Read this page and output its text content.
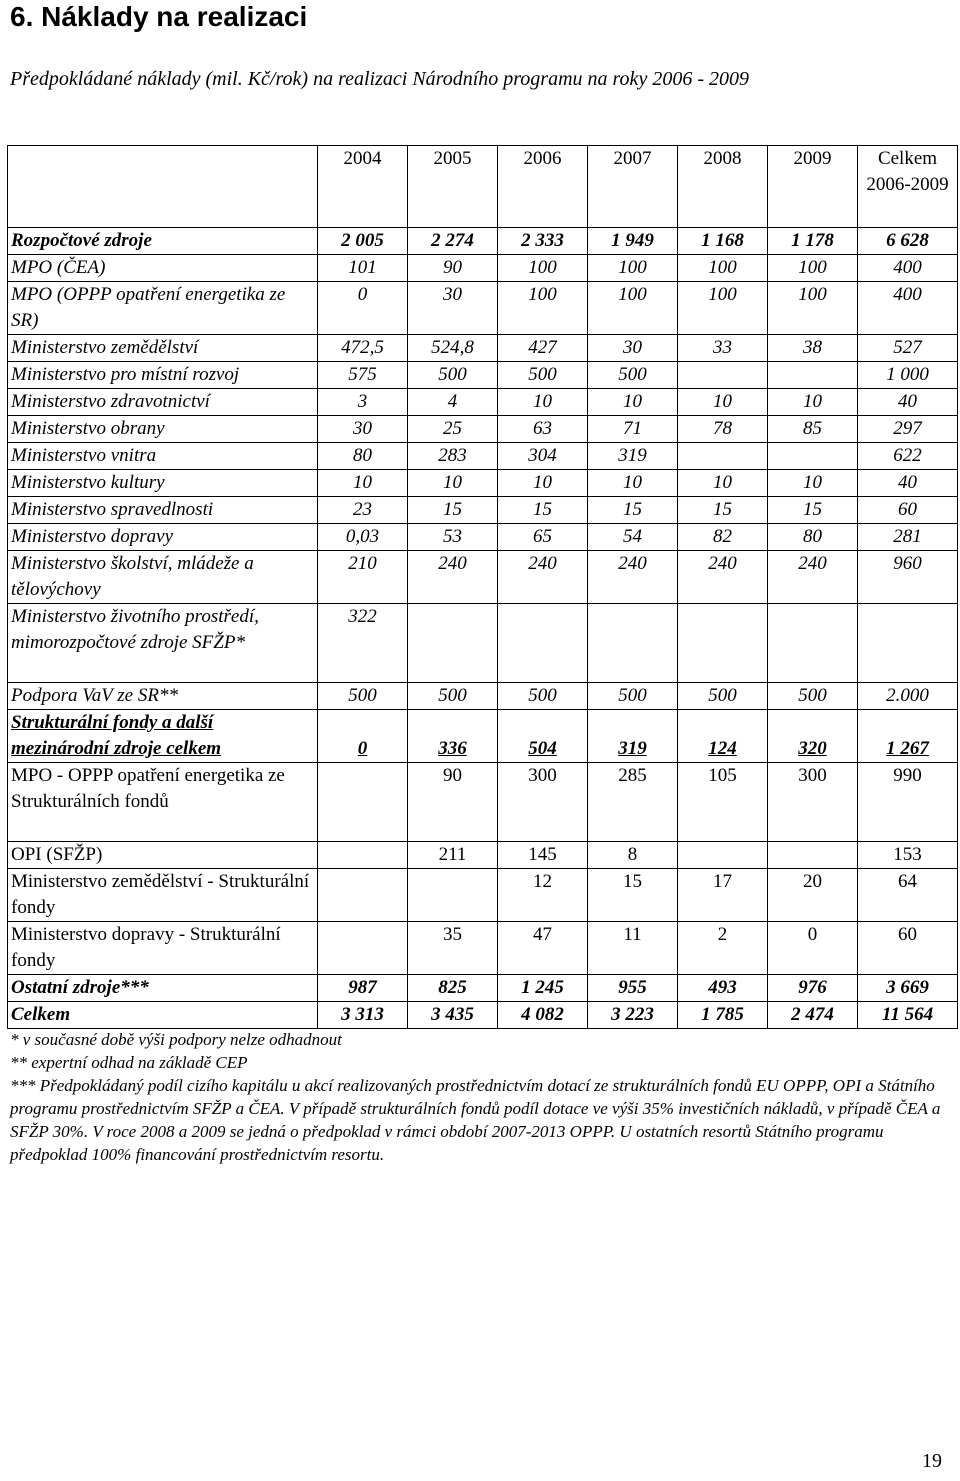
6. Náklady na realizaci

Předpokládané náklady (mil. Kč/rok) na realizaci Národního programu na roky 2006 - 2009

	2004	2005	2006	2007	2008	2009	Celkem 2006-2009
Rozpočtové zdroje	2 005	2 274	2 333	1 949	1 168	1 178	6 628
MPO (ČEA)	101	90	100	100	100	100	400
MPO (OPPP opatření energetika ze SR)	0	30	100	100	100	100	400
Ministerstvo zemědělství	472,5	524,8	427	30	33	38	527
Ministerstvo pro místní rozvoj	575	500	500	500			1 000
Ministerstvo zdravotnictví	3	4	10	10	10	10	40
Ministerstvo obrany	30	25	63	71	78	85	297
Ministerstvo vnitra	80	283	304	319			622
Ministerstvo kultury	10	10	10	10	10	10	40
Ministerstvo spravedlnosti	23	15	15	15	15	15	60
Ministerstvo dopravy	0,03	53	65	54	82	80	281
Ministerstvo školství, mládeže a tělovýchovy	210	240	240	240	240	240	960
Ministerstvo životního prostředí, mimorozpočtové zdroje SFŽP*	322						
Podpora VaV ze SR**	500	500	500	500	500	500	2.000
Strukturální fondy a další mezinárodní zdroje celkem	0	336	504	319	124	320	1 267
MPO - OPPP opatření energetika ze Strukturálních fondů		90	300	285	105	300	990
OPI (SFŽP)		211	145	8			153
Ministerstvo zemědělství - Strukturální fondy			12	15	17	20	64
Ministerstvo dopravy - Strukturální fondy		35	47	11	2	0	60
Ostatní zdroje***	987	825	1 245	955	493	976	3 669
Celkem	3 313	3 435	4 082	3 223	1 785	2 474	11 564

* v současné době výši podpory nelze odhadnout

** expertní odhad na základě CEP

*** Předpokládaný podíl cizího kapitálu u akcí realizovaných prostřednictvím dotací ze strukturálních fondů EU OPPP, OPI a Státního programu prostřednictvím SFŽP a ČEA. V případě strukturálních fondů podíl dotace ve výši 35% investičních nákladů, v případě ČEA a SFŽP 30%. V roce 2008 a 2009 se jedná o předpoklad v rámci období 2007-2013 OPPP. U ostatních resortů Státního programu předpoklad 100% financování prostřednictvím resortu.

19
